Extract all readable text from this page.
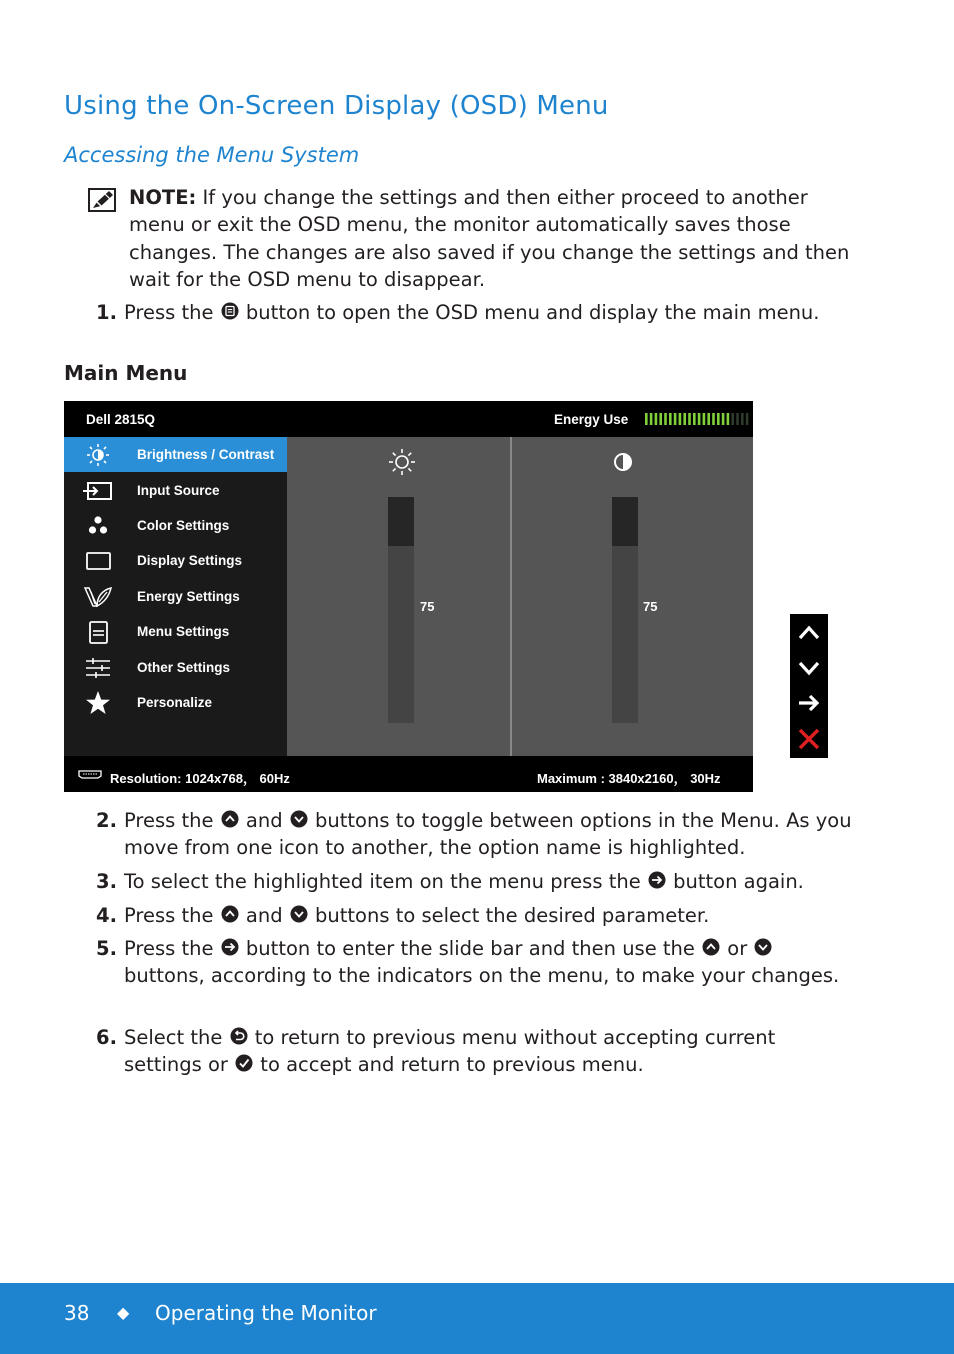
Using the On-Screen Display (OSD) Menu
Accessing the Menu System
NOTE: If you change the settings and then either proceed to another menu or exit the OSD menu, the monitor automatically saves those changes. The changes are also saved if you change the settings and then wait for the OSD menu to disappear.
1. Press the  button to open the OSD menu and display the main menu.
Main Menu
Dell 2815Q	Energy Use
Brightness / Contrast
Input Source
Color Settings
Display Settings
Energy Settings
Menu Settings
Other Settings
Personalize
75	75
Resolution: 1024x768， 60Hz	Maximum : 3840x2160， 30Hz
2. Press the  and  buttons to toggle between options in the Menu. As you move from one icon to another, the option name is highlighted.
3. To select the highlighted item on the menu press the  button again.
4. Press the  and  buttons to select the desired parameter.
5. Press the  button to enter the slide bar and then use the  or  buttons, according to the indicators on the menu, to make your changes.
6. Select the  to return to previous menu without accepting current settings or  to accept and return to previous menu.
38 ◆ Operating the Monitor
